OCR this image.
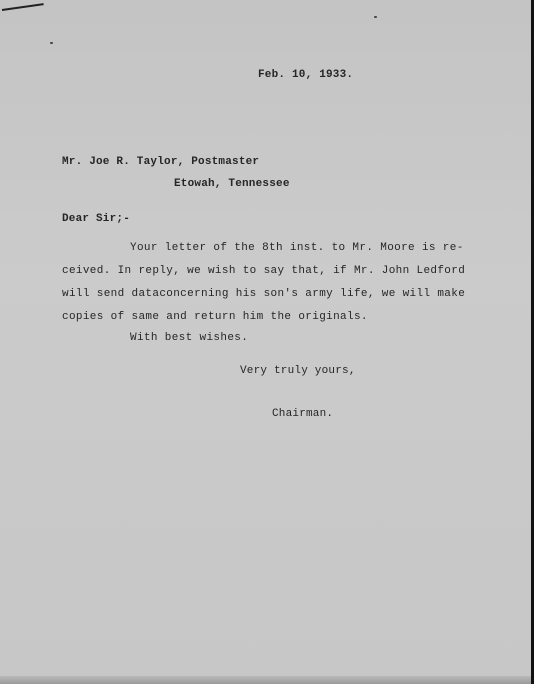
Feb. 10, 1933.
Mr. Joe R. Taylor, Postmaster
Etowah, Tennessee
Dear Sir;-
Your letter of the 8th inst. to Mr. Moore is re-
ceived. In reply, we wish to say that, if Mr. John Ledford
will send dataconcerning his son's army life, we will make
copies of same and return him the originals.
With best wishes.
Very truly yours,
Chairman.
